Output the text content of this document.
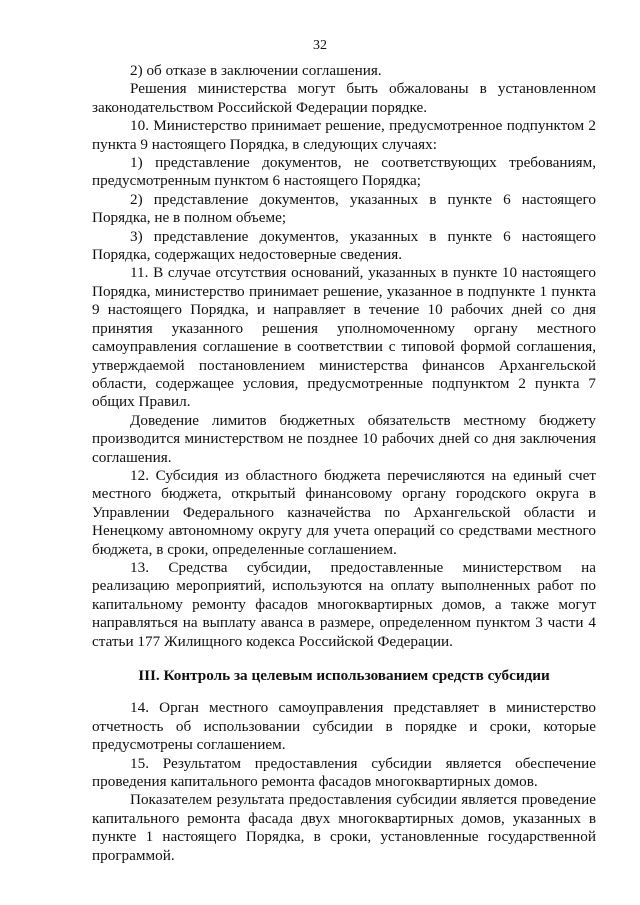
32

2) об отказе в заключении соглашения.

Решения министерства могут быть обжалованы в установленном законодательством Российской Федерации порядке.

10. Министерство принимает решение, предусмотренное подпунктом 2 пункта 9 настоящего Порядка, в следующих случаях:

1) представление документов, не соответствующих требованиям, предусмотренным пунктом 6 настоящего Порядка;

2) представление документов, указанных в пункте 6 настоящего Порядка, не в полном объеме;

3) представление документов, указанных в пункте 6 настоящего Порядка, содержащих недостоверные сведения.

11. В случае отсутствия оснований, указанных в пункте 10 настоящего Порядка, министерство принимает решение, указанное в подпункте 1 пункта 9 настоящего Порядка, и направляет в течение 10 рабочих дней со дня принятия указанного решения уполномоченному органу местного самоуправления соглашение в соответствии с типовой формой соглашения, утверждаемой постановлением министерства финансов Архангельской области, содержащее условия, предусмотренные подпунктом 2 пункта 7 общих Правил.

Доведение лимитов бюджетных обязательств местному бюджету производится министерством не позднее 10 рабочих дней со дня заключения соглашения.

12. Субсидия из областного бюджета перечисляются на единый счет местного бюджета, открытый финансовому органу городского округа в Управлении Федерального казначейства по Архангельской области и Ненецкому автономному округу для учета операций со средствами местного бюджета, в сроки, определенные соглашением.

13. Средства субсидии, предоставленные министерством на реализацию мероприятий, используются на оплату выполненных работ по капитальному ремонту фасадов многоквартирных домов, а также могут направляться на выплату аванса в размере, определенном пунктом 3 части 4 статьи 177 Жилищного кодекса Российской Федерации.

III. Контроль за целевым использованием средств субсидии

14. Орган местного самоуправления представляет в министерство отчетность об использовании субсидии в порядке и сроки, которые предусмотрены соглашением.

15. Результатом предоставления субсидии является обеспечение проведения капитального ремонта фасадов многоквартирных домов.

Показателем результата предоставления субсидии является проведение капитального ремонта фасада двух многоквартирных домов, указанных в пункте 1 настоящего Порядка, в сроки, установленные государственной программой.
